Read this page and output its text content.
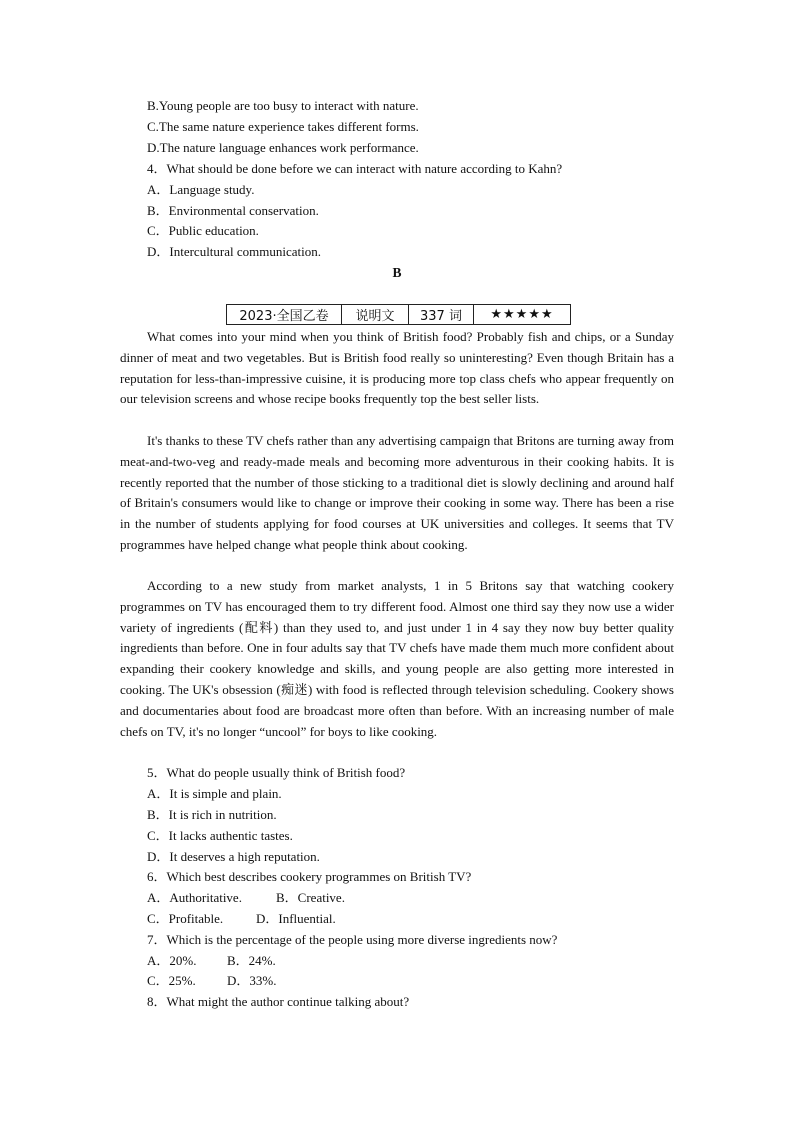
B.Young people are too busy to interact with nature.
C.The same nature experience takes different forms.
D.The nature language enhances work performance.
4．What should be done before we can interact with nature according to Kahn?
A．Language study.
B．Environmental conservation.
C．Public education.
D．Intercultural communication.
B
2023·全国乙卷	说明文	337 词	★★★★★

What comes into your mind when you think of British food? Probably fish and chips, or a Sunday dinner of meat and two vegetables. But is British food really so uninteresting? Even though Britain has a reputation for less-than-impressive cuisine, it is producing more top class chefs who appear frequently on our television screens and whose recipe books frequently top the best seller lists.

It's thanks to these TV chefs rather than any advertising campaign that Britons are turning away from meat-and-two-veg and ready-made meals and becoming more adventurous in their cooking habits. It is recently reported that the number of those sticking to a traditional diet is slowly declining and around half of Britain's consumers would like to change or improve their cooking in some way. There has been a rise in the number of students applying for food courses at UK universities and colleges. It seems that TV programmes have helped change what people think about cooking.

According to a new study from market analysts, 1 in 5 Britons say that watching cookery programmes on TV has encouraged them to try different food. Almost one third say they now use a wider variety of ingredients (配料) than they used to, and just under 1 in 4 say they now buy better quality ingredients than before. One in four adults say that TV chefs have made them much more confident about expanding their cookery knowledge and skills, and young people are also getting more interested in cooking. The UK's obsession (痴迷) with food is reflected through television scheduling. Cookery shows and documentaries about food are broadcast more often than before. With an increasing number of male chefs on TV, it's no longer “uncool” for boys to like cooking.

5．What do people usually think of British food?
A．It is simple and plain.
B．It is rich in nutrition.
C．It lacks authentic tastes.
D．It deserves a high reputation.
6．Which best describes cookery programmes on British TV?
A．Authoritative.	B．Creative.
C．Profitable.	D．Influential.
7．Which is the percentage of the people using more diverse ingredients now?
A．20%. B．24%.
C．25%. D．33%.
8．What might the author continue talking about?
